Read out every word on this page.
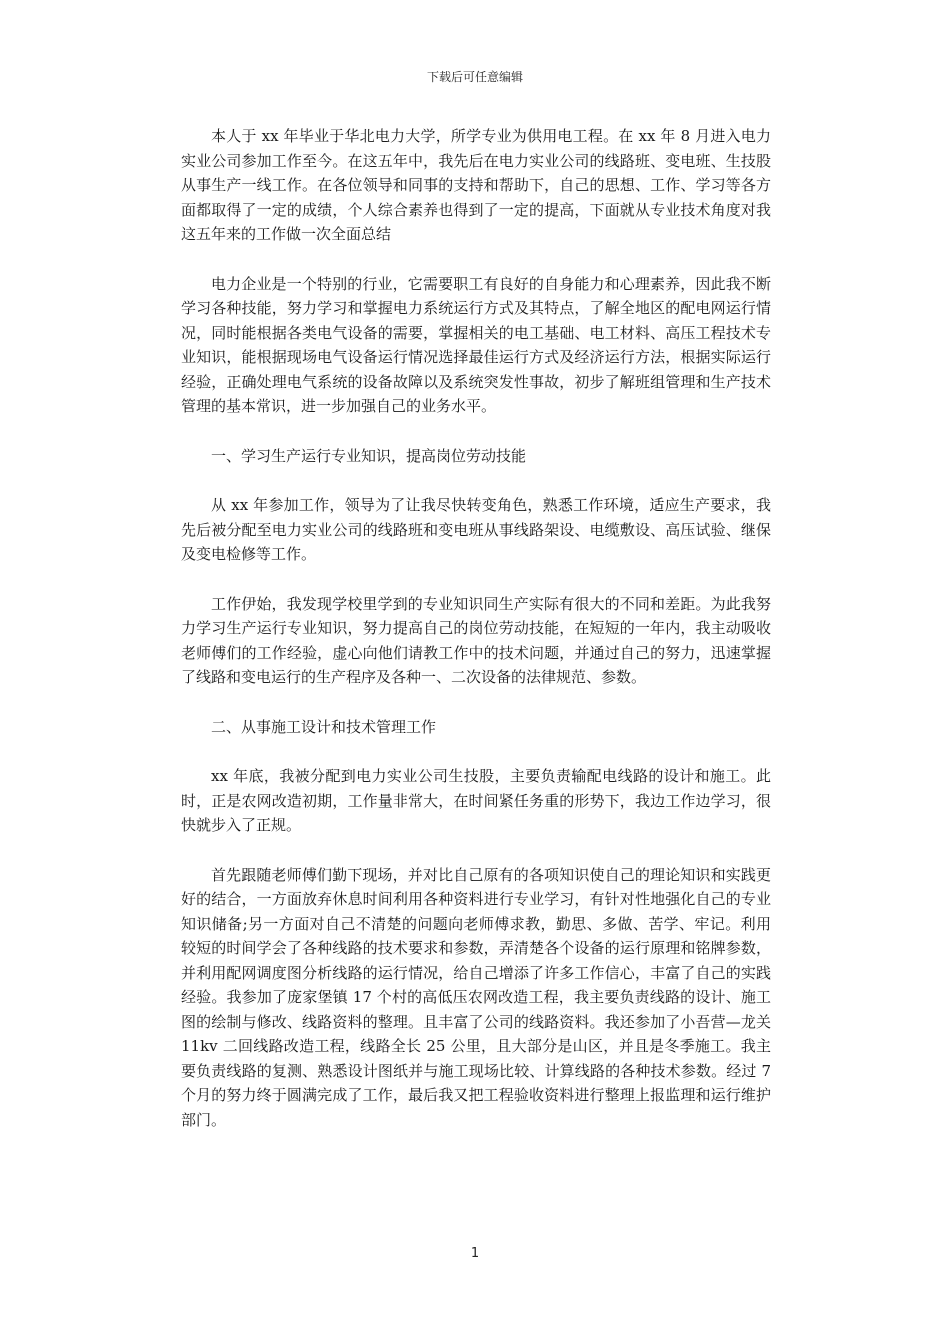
下载后可任意编辑

本人于 xx 年毕业于华北电力大学，所学专业为供用电工程。在 xx 年 8 月进入电力实业公司参加工作至今。在这五年中，我先后在电力实业公司的线路班、变电班、生技股从事生产一线工作。在各位领导和同事的支持和帮助下，自己的思想、工作、学习等各方面都取得了一定的成绩，个人综合素养也得到了一定的提高，下面就从专业技术角度对我这五年来的工作做一次全面总结

电力企业是一个特别的行业，它需要职工有良好的自身能力和心理素养，因此我不断学习各种技能，努力学习和掌握电力系统运行方式及其特点，了解全地区的配电网运行情况，同时能根据各类电气设备的需要，掌握相关的电工基础、电工材料、高压工程技术专业知识，能根据现场电气设备运行情况选择最佳运行方式及经济运行方法，根据实际运行经验，正确处理电气系统的设备故障以及系统突发性事故，初步了解班组管理和生产技术管理的基本常识，进一步加强自己的业务水平。

一、学习生产运行专业知识，提高岗位劳动技能

从 xx 年参加工作，领导为了让我尽快转变角色，熟悉工作环境，适应生产要求，我先后被分配至电力实业公司的线路班和变电班从事线路架设、电缆敷设、高压试验、继保及变电检修等工作。

工作伊始，我发现学校里学到的专业知识同生产实际有很大的不同和差距。为此我努力学习生产运行专业知识，努力提高自己的岗位劳动技能，在短短的一年内，我主动吸收老师傅们的工作经验，虚心向他们请教工作中的技术问题，并通过自己的努力，迅速掌握了线路和变电运行的生产程序及各种一、二次设备的法律规范、参数。

二、从事施工设计和技术管理工作

xx 年底，我被分配到电力实业公司生技股，主要负责输配电线路的设计和施工。此时，正是农网改造初期，工作量非常大，在时间紧任务重的形势下，我边工作边学习，很快就步入了正规。

首先跟随老师傅们勤下现场，并对比自己原有的各项知识使自己的理论知识和实践更好的结合，一方面放弃休息时间利用各种资料进行专业学习，有针对性地强化自己的专业知识储备;另一方面对自己不清楚的问题向老师傅求教，勤思、多做、苦学、牢记。利用较短的时间学会了各种线路的技术要求和参数，弄清楚各个设备的运行原理和铭牌参数，并利用配网调度图分析线路的运行情况，给自己增添了许多工作信心，丰富了自己的实践经验。我参加了庞家堡镇 17 个村的高低压农网改造工程，我主要负责线路的设计、施工图的绘制与修改、线路资料的整理。且丰富了公司的线路资料。我还参加了小吾营—龙关 11kv 二回线路改造工程，线路全长 25 公里，且大部分是山区，并且是冬季施工。我主要负责线路的复测、熟悉设计图纸并与施工现场比较、计算线路的各种技术参数。经过 7 个月的努力终于圆满完成了工作，最后我又把工程验收资料进行整理上报监理和运行维护部门。

1
